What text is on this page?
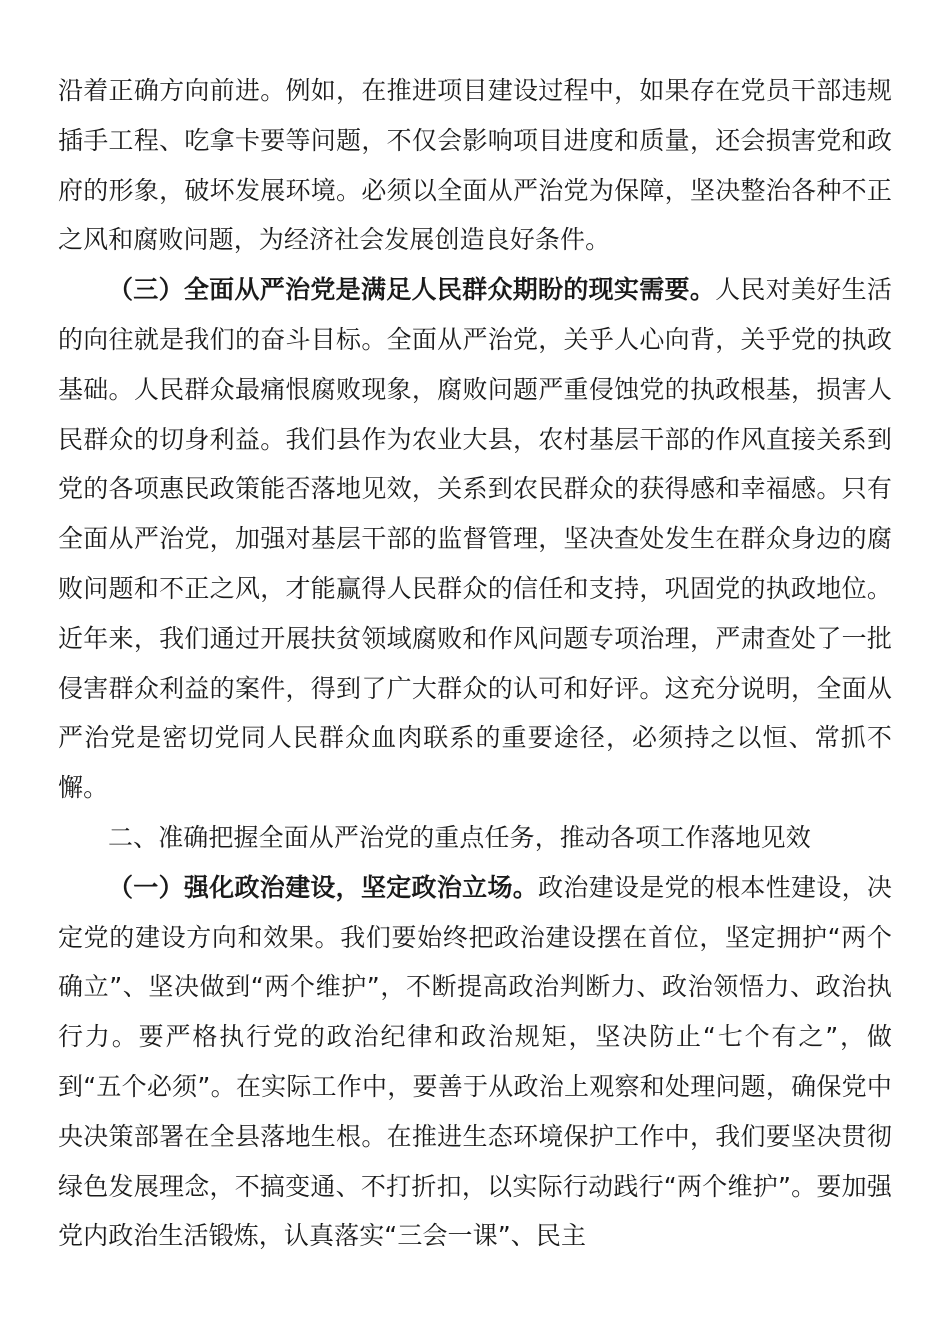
沿着正确方向前进。例如，在推进项目建设过程中，如果存在党员干部违规插手工程、吃拿卡要等问题，不仅会影响项目进度和质量，还会损害党和政府的形象，破坏发展环境。必须以全面从严治党为保障，坚决整治各种不正之风和腐败问题，为经济社会发展创造良好条件。

（三）全面从严治党是满足人民群众期盼的现实需要。人民对美好生活的向往就是我们的奋斗目标。全面从严治党，关乎人心向背，关乎党的执政基础。人民群众最痛恨腐败现象，腐败问题严重侵蚀党的执政根基，损害人民群众的切身利益。我们县作为农业大县，农村基层干部的作风直接关系到党的各项惠民政策能否落地见效，关系到农民群众的获得感和幸福感。只有全面从严治党，加强对基层干部的监督管理，坚决查处发生在群众身边的腐败问题和不正之风，才能赢得人民群众的信任和支持，巩固党的执政地位。近年来，我们通过开展扶贫领域腐败和作风问题专项治理，严肃查处了一批侵害群众利益的案件，得到了广大群众的认可和好评。这充分说明，全面从严治党是密切党同人民群众血肉联系的重要途径，必须持之以恒、常抓不懈。

二、准确把握全面从严治党的重点任务，推动各项工作落地见效

（一）强化政治建设，坚定政治立场。政治建设是党的根本性建设，决定党的建设方向和效果。我们要始终把政治建设摆在首位，坚定拥护“两个确立”、坚决做到“两个维护”，不断提高政治判断力、政治领悟力、政治执行力。要严格执行党的政治纪律和政治规矩，坚决防止“七个有之”，做到“五个必须”。在实际工作中，要善于从政治上观察和处理问题，确保党中央决策部署在全县落地生根。在推进生态环境保护工作中，我们要坚决贯彻绿色发展理念，不搞变通、不打折扣，以实际行动践行“两个维护”。要加强党内政治生活锻炼，认真落实“三会一课”、民主
